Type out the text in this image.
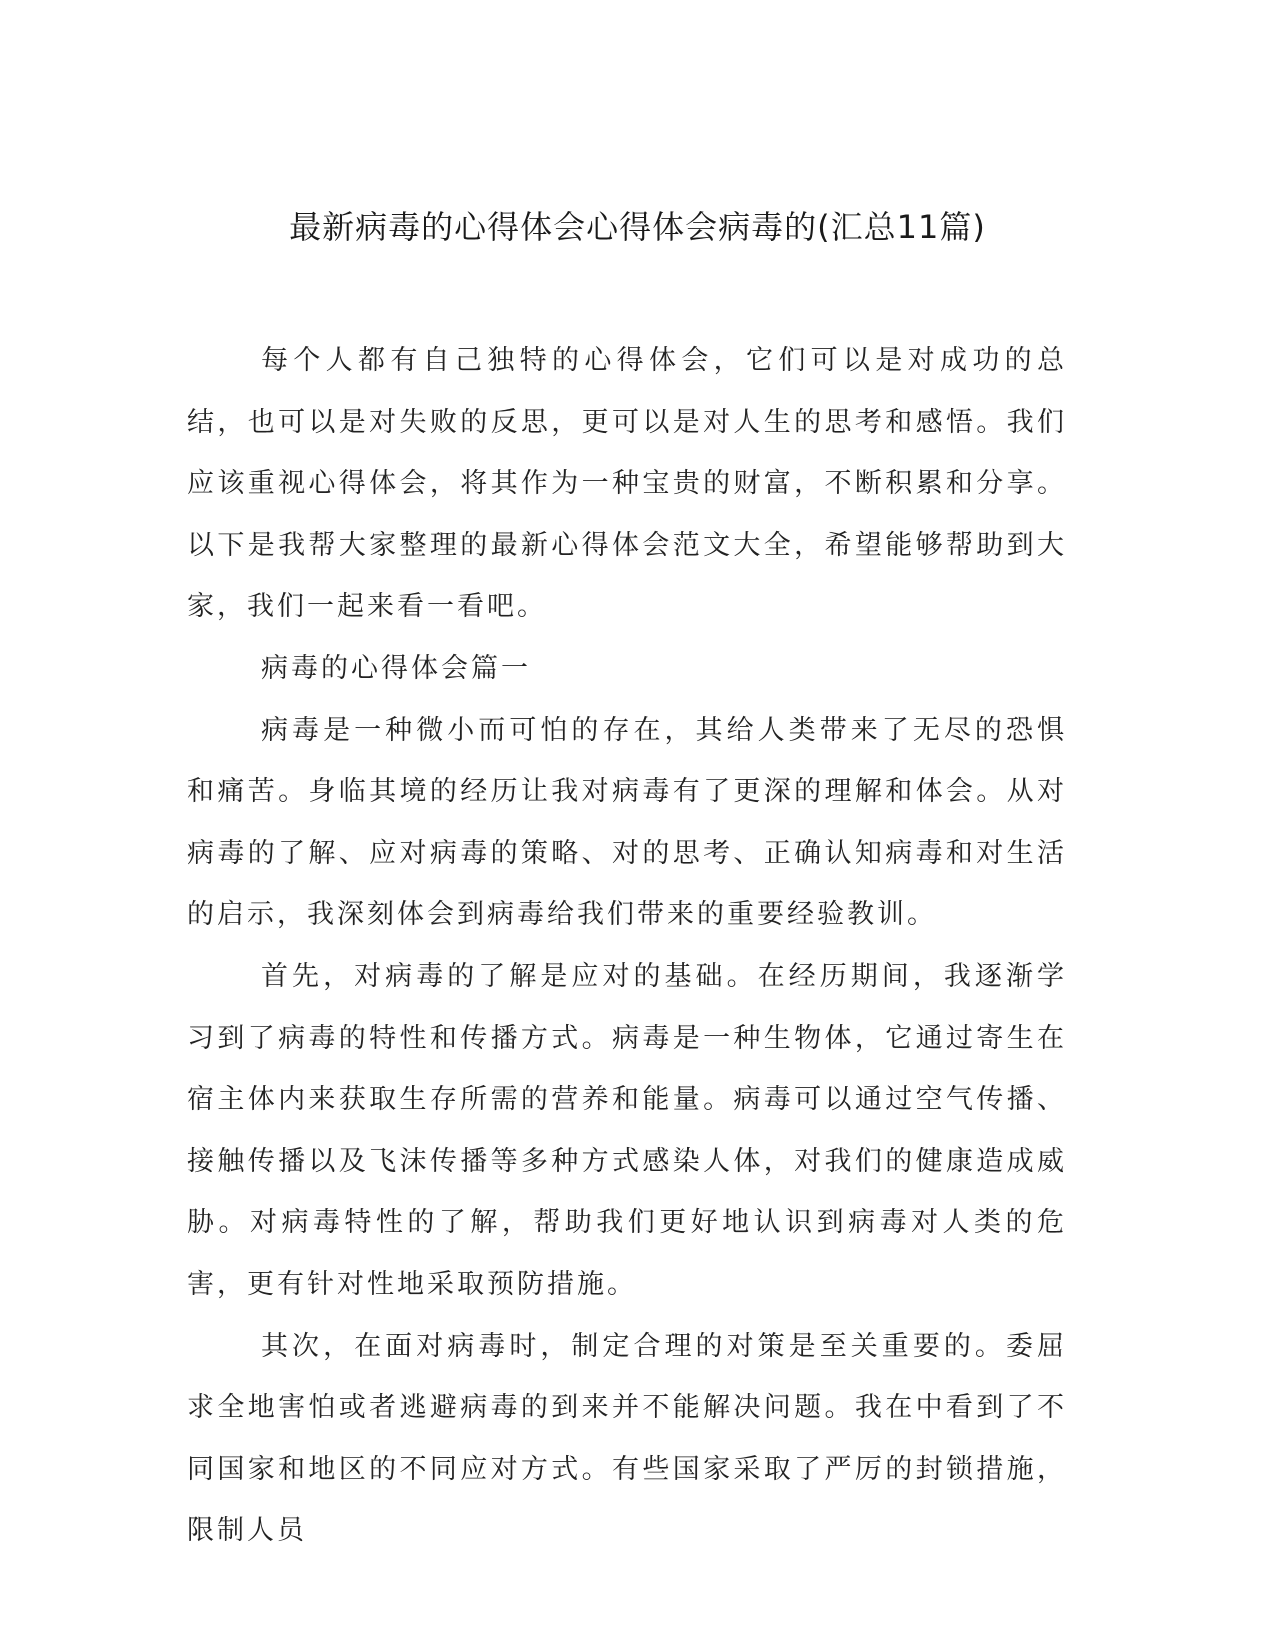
最新病毒的心得体会心得体会病毒的(汇总11篇)

每个人都有自己独特的心得体会，它们可以是对成功的总结，也可以是对失败的反思，更可以是对人生的思考和感悟。我们应该重视心得体会，将其作为一种宝贵的财富，不断积累和分享。以下是我帮大家整理的最新心得体会范文大全，希望能够帮助到大家，我们一起来看一看吧。

病毒的心得体会篇一

病毒是一种微小而可怕的存在，其给人类带来了无尽的恐惧和痛苦。身临其境的经历让我对病毒有了更深的理解和体会。从对病毒的了解、应对病毒的策略、对的思考、正确认知病毒和对生活的启示，我深刻体会到病毒给我们带来的重要经验教训。

首先，对病毒的了解是应对的基础。在经历期间，我逐渐学习到了病毒的特性和传播方式。病毒是一种生物体，它通过寄生在宿主体内来获取生存所需的营养和能量。病毒可以通过空气传播、接触传播以及飞沫传播等多种方式感染人体，对我们的健康造成威胁。对病毒特性的了解，帮助我们更好地认识到病毒对人类的危害，更有针对性地采取预防措施。

其次，在面对病毒时，制定合理的对策是至关重要的。委屈求全地害怕或者逃避病毒的到来并不能解决问题。我在中看到了不同国家和地区的不同应对方式。有些国家采取了严厉的封锁措施，限制人员
